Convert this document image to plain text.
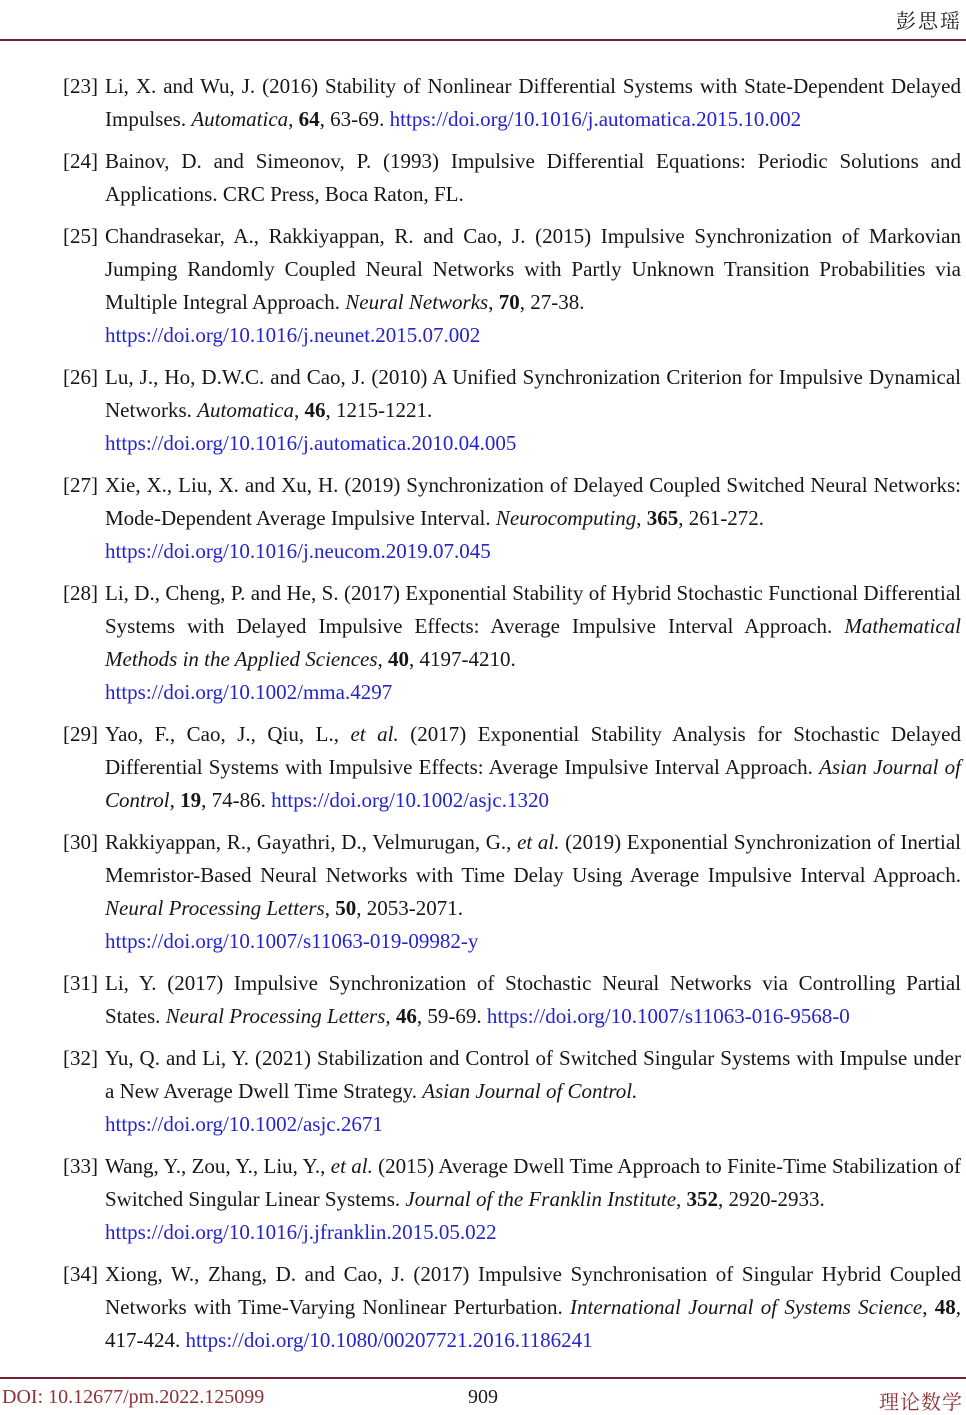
彭思瑶
[23] Li, X. and Wu, J. (2016) Stability of Nonlinear Differential Systems with State-Dependent Delayed Impulses. Automatica, 64, 63-69. https://doi.org/10.1016/j.automatica.2015.10.002
[24] Bainov, D. and Simeonov, P. (1993) Impulsive Differential Equations: Periodic Solutions and Applications. CRC Press, Boca Raton, FL.
[25] Chandrasekar, A., Rakkiyappan, R. and Cao, J. (2015) Impulsive Synchronization of Markovian Jumping Randomly Coupled Neural Networks with Partly Unknown Transition Probabilities via Multiple Integral Approach. Neural Networks, 70, 27-38.
https://doi.org/10.1016/j.neunet.2015.07.002
[26] Lu, J., Ho, D.W.C. and Cao, J. (2010) A Unified Synchronization Criterion for Impulsive Dynamical Networks. Automatica, 46, 1215-1221.
https://doi.org/10.1016/j.automatica.2010.04.005
[27] Xie, X., Liu, X. and Xu, H. (2019) Synchronization of Delayed Coupled Switched Neural Networks: Mode-Dependent Average Impulsive Interval. Neurocomputing, 365, 261-272.
https://doi.org/10.1016/j.neucom.2019.07.045
[28] Li, D., Cheng, P. and He, S. (2017) Exponential Stability of Hybrid Stochastic Functional Differential Systems with Delayed Impulsive Effects: Average Impulsive Interval Approach. Mathematical Methods in the Applied Sciences, 40, 4197-4210.
https://doi.org/10.1002/mma.4297
[29] Yao, F., Cao, J., Qiu, L., et al. (2017) Exponential Stability Analysis for Stochastic Delayed Differential Systems with Impulsive Effects: Average Impulsive Interval Approach. Asian Journal of Control, 19, 74-86. https://doi.org/10.1002/asjc.1320
[30] Rakkiyappan, R., Gayathri, D., Velmurugan, G., et al. (2019) Exponential Synchronization of Inertial Memristor-Based Neural Networks with Time Delay Using Average Impulsive Interval Approach. Neural Processing Letters, 50, 2053-2071.
https://doi.org/10.1007/s11063-019-09982-y
[31] Li, Y. (2017) Impulsive Synchronization of Stochastic Neural Networks via Controlling Partial States. Neural Processing Letters, 46, 59-69. https://doi.org/10.1007/s11063-016-9568-0
[32] Yu, Q. and Li, Y. (2021) Stabilization and Control of Switched Singular Systems with Impulse under a New Average Dwell Time Strategy. Asian Journal of Control.
https://doi.org/10.1002/asjc.2671
[33] Wang, Y., Zou, Y., Liu, Y., et al. (2015) Average Dwell Time Approach to Finite-Time Stabilization of Switched Singular Linear Systems. Journal of the Franklin Institute, 352, 2920-2933.
https://doi.org/10.1016/j.jfranklin.2015.05.022
[34] Xiong, W., Zhang, D. and Cao, J. (2017) Impulsive Synchronisation of Singular Hybrid Coupled Networks with Time-Varying Nonlinear Perturbation. International Journal of Systems Science, 48, 417-424. https://doi.org/10.1080/00207721.2016.1186241
DOI: 10.12677/pm.2022.125099	909	理论数学
